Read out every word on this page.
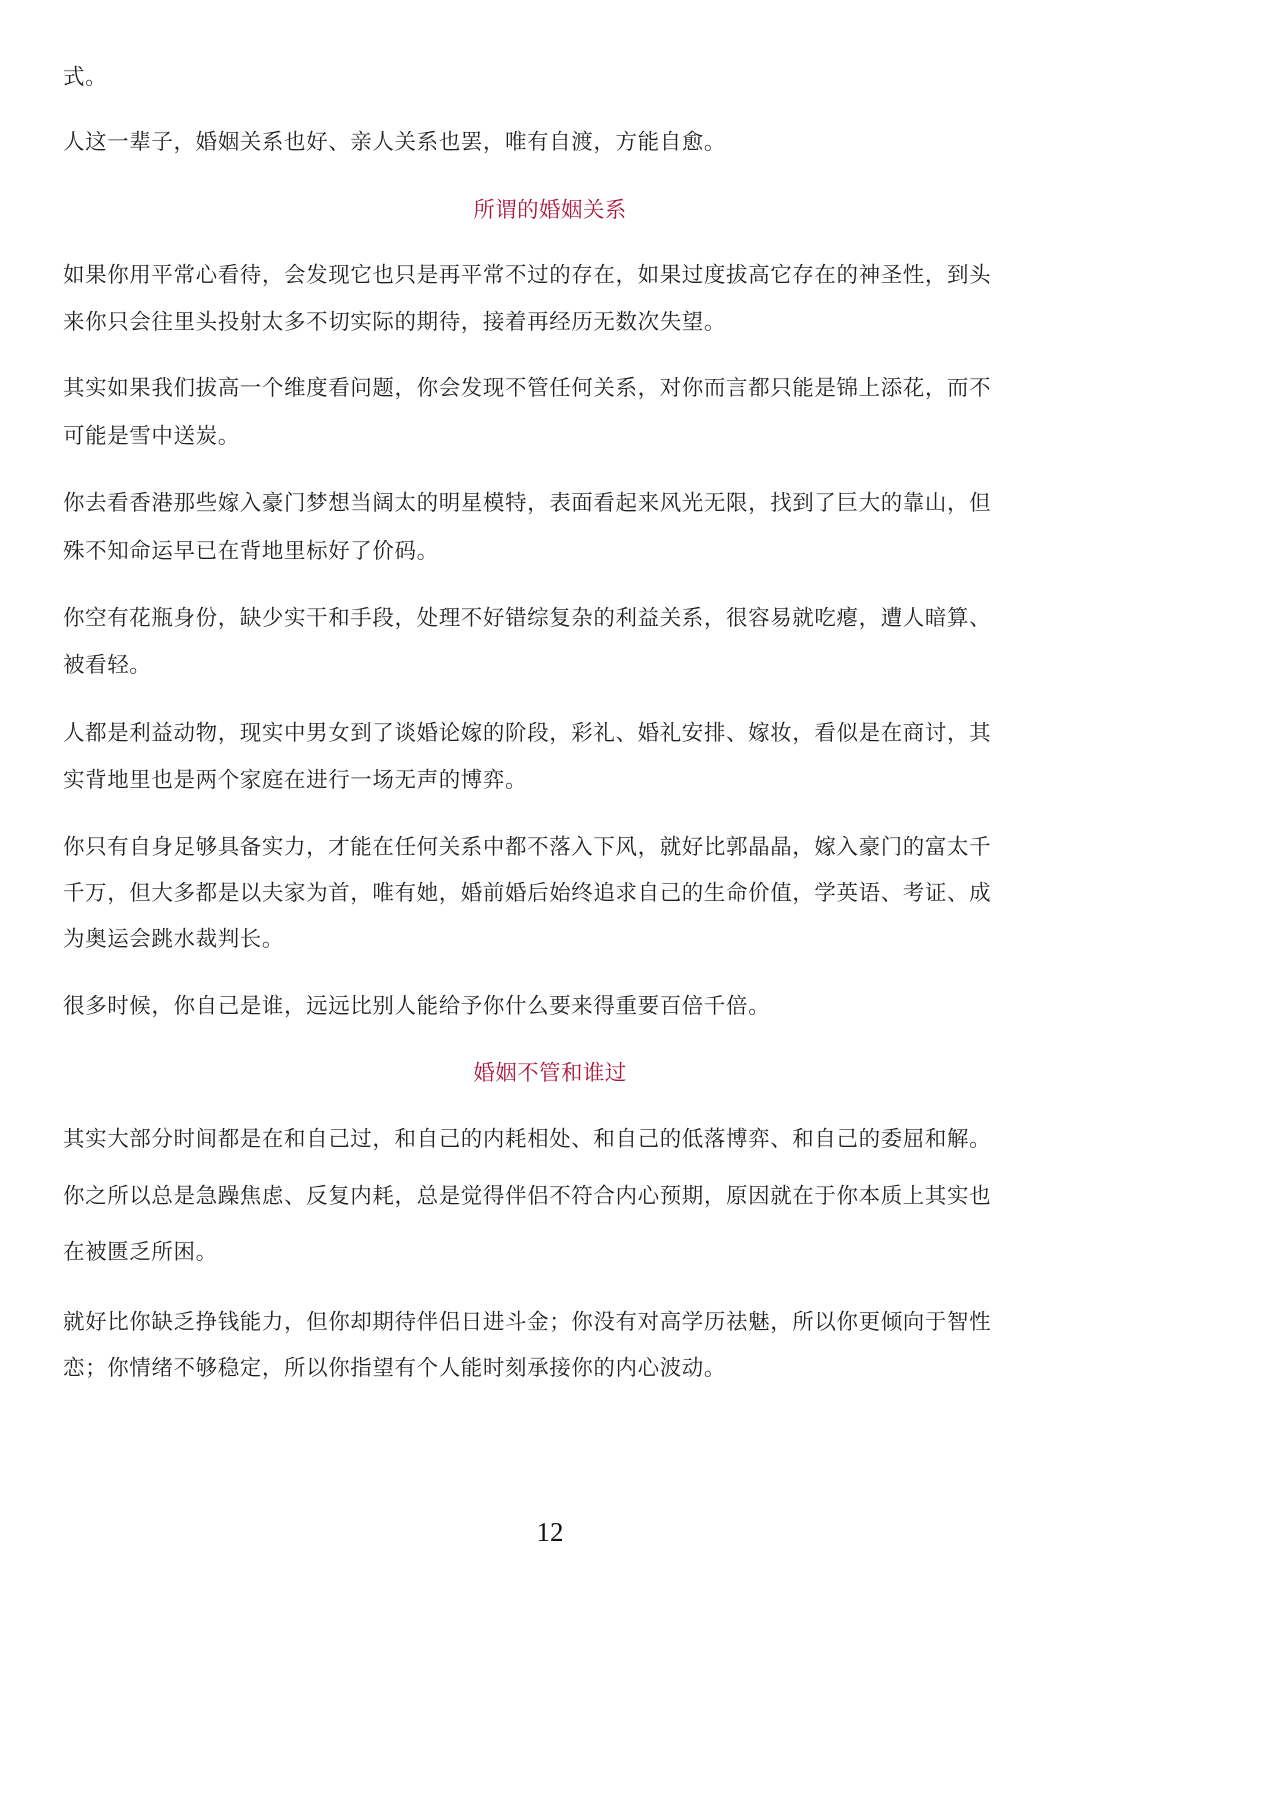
式。
人这一辈子，婚姻关系也好、亲人关系也罢，唯有自渡，方能自愈。
所谓的婚姻关系
如果你用平常心看待，会发现它也只是再平常不过的存在，如果过度拔高它存在的神圣性，到头
来你只会往里头投射太多不切实际的期待，接着再经历无数次失望。
其实如果我们拔高一个维度看问题，你会发现不管任何关系，对你而言都只能是锦上添花，而不
可能是雪中送炭。
你去看香港那些嫁入豪门梦想当阔太的明星模特，表面看起来风光无限，找到了巨大的靠山，但
殊不知命运早已在背地里标好了价码。
你空有花瓶身份，缺少实干和手段，处理不好错综复杂的利益关系，很容易就吃瘪，遭人暗算、
被看轻。
人都是利益动物，现实中男女到了谈婚论嫁的阶段，彩礼、婚礼安排、嫁妆，看似是在商讨，其
实背地里也是两个家庭在进行一场无声的博弈。
你只有自身足够具备实力，才能在任何关系中都不落入下风，就好比郭晶晶，嫁入豪门的富太千
千万，但大多都是以夫家为首，唯有她，婚前婚后始终追求自己的生命价值，学英语、考证、成
为奥运会跳水裁判长。
很多时候，你自己是谁，远远比别人能给予你什么要来得重要百倍千倍。
婚姻不管和谁过
其实大部分时间都是在和自己过，和自己的内耗相处、和自己的低落博弈、和自己的委屈和解。
你之所以总是急躁焦虑、反复内耗，总是觉得伴侣不符合内心预期，原因就在于你本质上其实也
在被匮乏所困。
就好比你缺乏挣钱能力，但你却期待伴侣日进斗金；你没有对高学历祛魅，所以你更倾向于智性
恋；你情绪不够稳定，所以你指望有个人能时刻承接你的内心波动。
12
